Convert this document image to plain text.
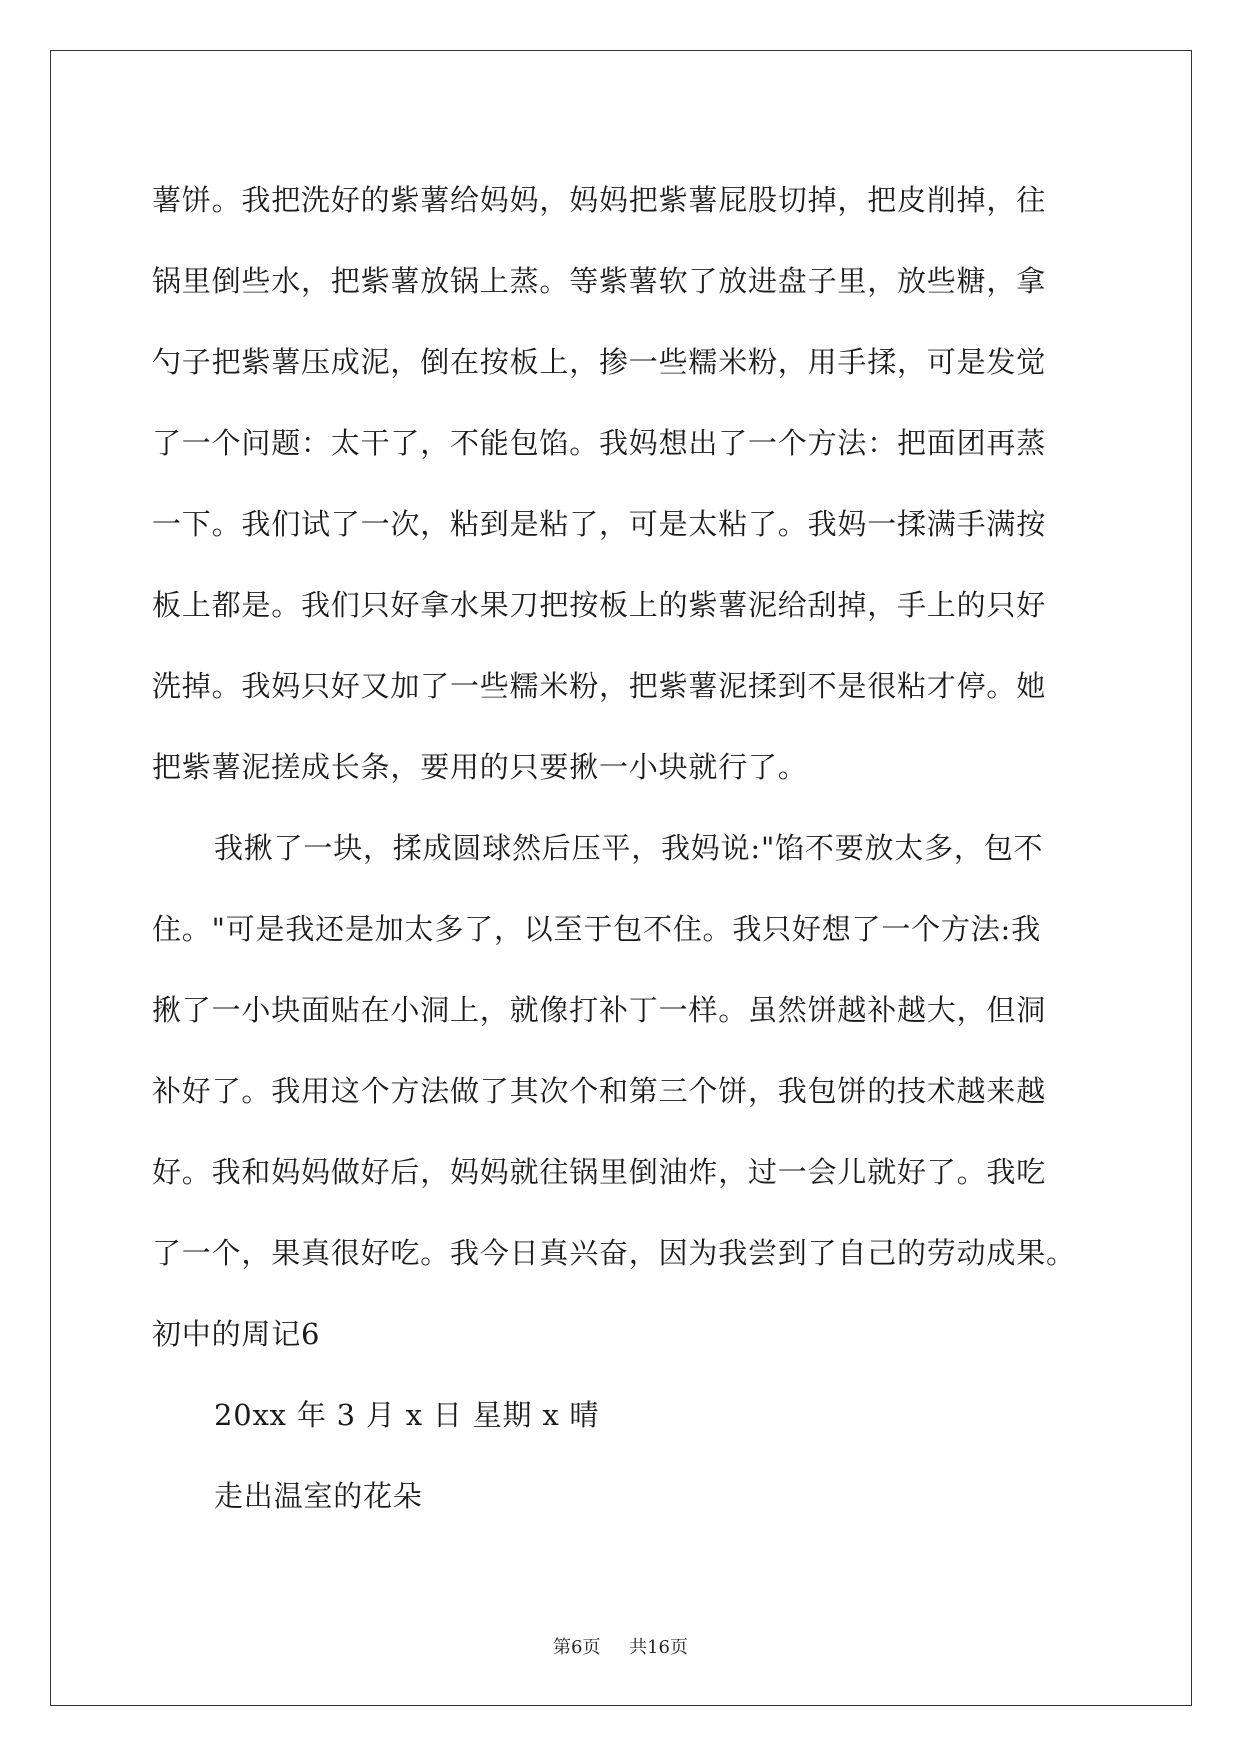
薯饼。我把洗好的紫薯给妈妈，妈妈把紫薯屁股切掉，把皮削掉，往
锅里倒些水，把紫薯放锅上蒸。等紫薯软了放进盘子里，放些糖，拿
勺子把紫薯压成泥，倒在按板上，掺一些糯米粉，用手揉，可是发觉
了一个问题：太干了，不能包馅。我妈想出了一个方法：把面团再蒸
一下。我们试了一次，粘到是粘了，可是太粘了。我妈一揉满手满按
板上都是。我们只好拿水果刀把按板上的紫薯泥给刮掉，手上的只好
洗掉。我妈只好又加了一些糯米粉，把紫薯泥揉到不是很粘才停。她
把紫薯泥搓成长条，要用的只要揪一小块就行了。
我揪了一块，揉成圆球然后压平，我妈说:"馅不要放太多，包不
住。"可是我还是加太多了，以至于包不住。我只好想了一个方法:我
揪了一小块面贴在小洞上，就像打补丁一样。虽然饼越补越大，但洞
补好了。我用这个方法做了其次个和第三个饼，我包饼的技术越来越
好。我和妈妈做好后，妈妈就往锅里倒油炸，过一会儿就好了。我吃
了一个，果真很好吃。我今日真兴奋，因为我尝到了自己的劳动成果。
初中的周记6
20xx 年 3 月 x 日 星期 x 晴
走出温室的花朵
第6页 共16页
